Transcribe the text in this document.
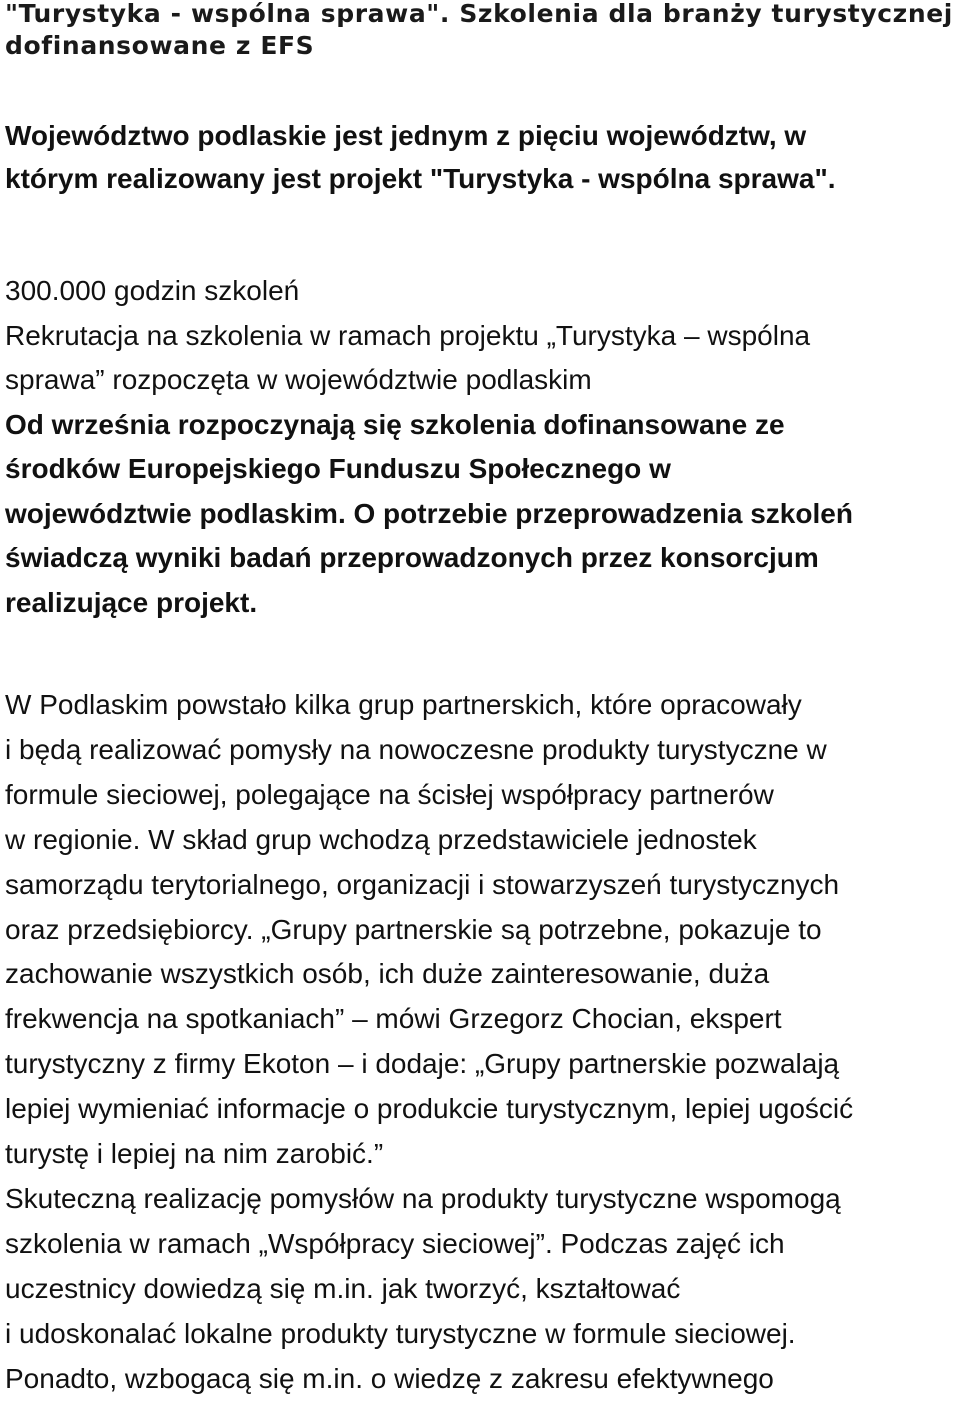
"Turystyka - wspólna sprawa". Szkolenia dla branży turystycznej
dofinansowane z EFS

Województwo podlaskie jest jednym z pięciu województw, w
którym realizowany jest projekt "Turystyka - wspólna sprawa".

300.000 godzin szkoleń
Rekrutacja na szkolenia w ramach projektu „Turystyka – wspólna
sprawa” rozpoczęta w województwie podlaskim
Od września rozpoczynają się szkolenia dofinansowane ze
środków Europejskiego Funduszu Społecznego w
województwie podlaskim. O potrzebie przeprowadzenia szkoleń
świadczą wyniki badań przeprowadzonych przez konsorcjum
realizujące projekt.
W Podlaskim powstało kilka grup partnerskich, które opracowały
i będą realizować pomysły na nowoczesne produkty turystyczne w
formule sieciowej, polegające na ścisłej współpracy partnerów
w regionie. W skład grup wchodzą przedstawiciele jednostek
samorządu terytorialnego, organizacji i stowarzyszeń turystycznych
oraz przedsiębiorcy. „Grupy partnerskie są potrzebne, pokazuje to
zachowanie wszystkich osób, ich duże zainteresowanie, duża
frekwencja na spotkaniach” – mówi Grzegorz Chocian, ekspert
turystyczny z firmy Ekoton – i dodaje: „Grupy partnerskie pozwalają
lepiej wymieniać informacje o produkcie turystycznym, lepiej ugościć
turystę i lepiej na nim zarobić.”
Skuteczną realizację pomysłów na produkty turystyczne wspomogą
szkolenia w ramach „Współpracy sieciowej”. Podczas zajęć ich
uczestnicy dowiedzą się m.in. jak tworzyć, kształtować
i udoskonalać lokalne produkty turystyczne w formule sieciowej.
Ponadto, wzbogacą się m.in. o wiedzę z zakresu efektywnego
